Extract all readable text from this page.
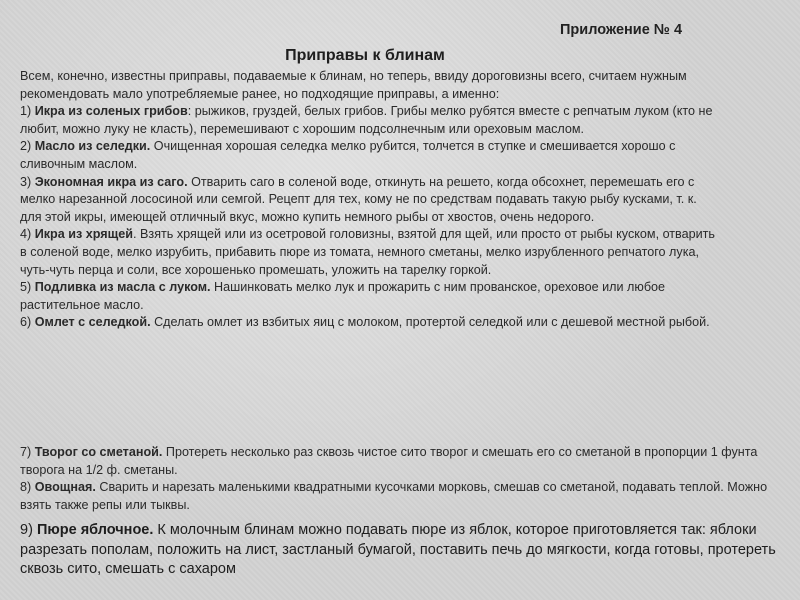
Приложение № 4
Приправы к блинам

Всем, конечно, известны приправы, подаваемые к блинам, но теперь, ввиду дороговизны всего, считаем нужным рекомендовать мало употребляемые ранее, но подходящие приправы, а именно:

1) Икра из соленых грибов: рыжиков, груздей, белых грибов. Грибы мелко рубятся вместе с репчатым луком (кто не любит, можно луку не класть), перемешивают с хорошим подсолнечным или ореховым маслом.

2) Масло из селедки. Очищенная хорошая селедка мелко рубится, толчется в ступке и смешивается хорошо с сливочным маслом.

3) Экономная икра из саго. Отварить саго в соленой воде, откинуть на решето, когда обсохнет, перемешать его с мелко нарезанной лососиной или семгой. Рецепт для тех, кому не по средствам подавать такую рыбу кусками, т. к. для этой икры, имеющей отличный вкус, можно купить немного рыбы от хвостов, очень недорого.

4) Икра из хрящей. Взять хрящей или из осетровой головизны, взятой для щей, или просто от рыбы куском, отварить в соленой воде, мелко изрубить, прибавить пюре из томата, немного сметаны, мелко изрубленного репчатого лука, чуть-чуть перца и соли, все хорошенько промешать, уложить на тарелку горкой.

5) Подливка из масла с луком. Нашинковать мелко лук и прожарить с ним прованское, ореховое или любое растительное масло.

6) Омлет с селедкой. Сделать омлет из взбитых яиц с молоком, протертой селедкой или с дешевой местной рыбой.

7) Творог со сметаной. Протереть несколько раз сквозь чистое сито творог и смешать его со сметаной в пропорции 1 фунта творога на 1/2 ф. сметаны.

8) Овощная. Сварить и нарезать маленькими квадратными кусочками морковь, смешав со сметаной, подавать теплой. Можно взять также репы или тыквы.

9) Пюре яблочное. К молочным блинам можно подавать пюре из яблок, которое приготовляется так: яблоки разрезать пополам, положить на лист, застланый бумагой, поставить печь до мягкости, когда готовы, протереть сквозь сито, смешать с сахаром
